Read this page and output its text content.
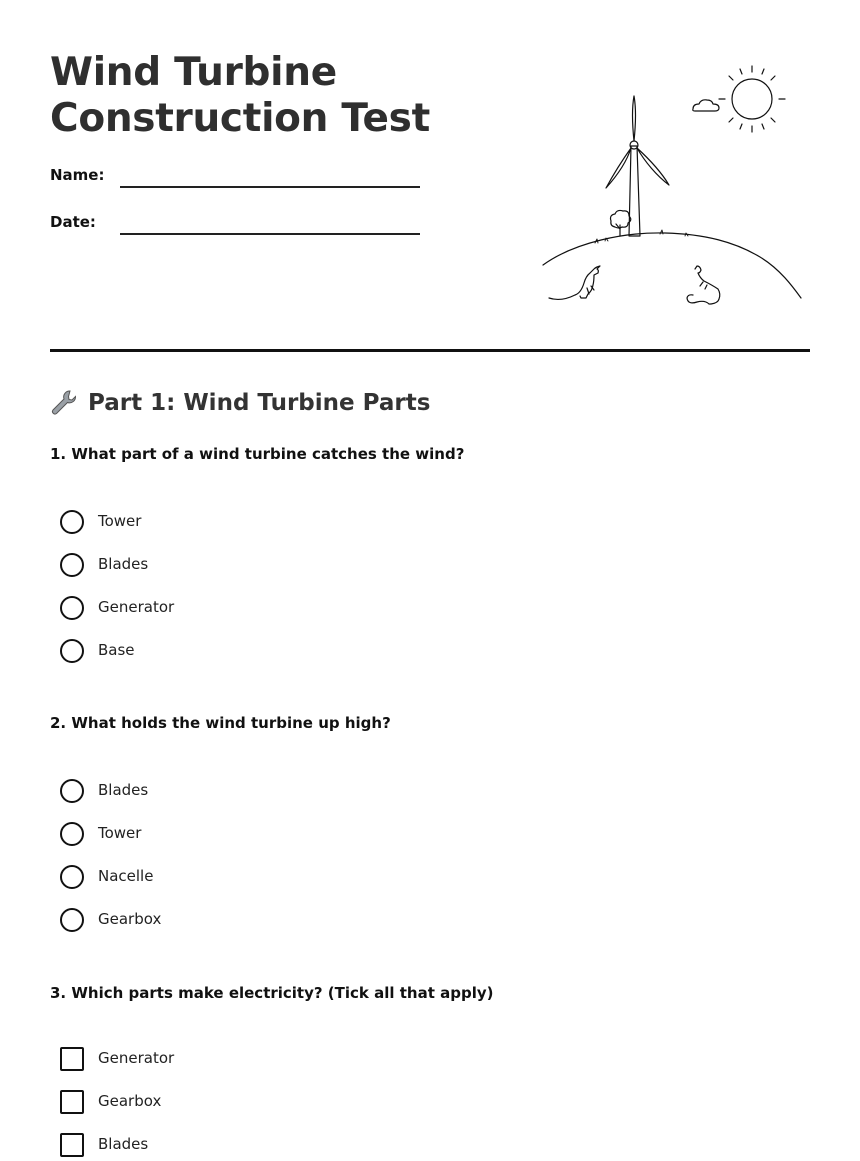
Wind Turbine
Construction Test
Name:
Date:
Part 1: Wind Turbine Parts

1. What part of a wind turbine catches the wind?

Tower
Blades
Generator
Base

2. What holds the wind turbine up high?

Blades
Tower
Nacelle
Gearbox

3. Which parts make electricity? (Tick all that apply)

Generator
Gearbox
Blades
